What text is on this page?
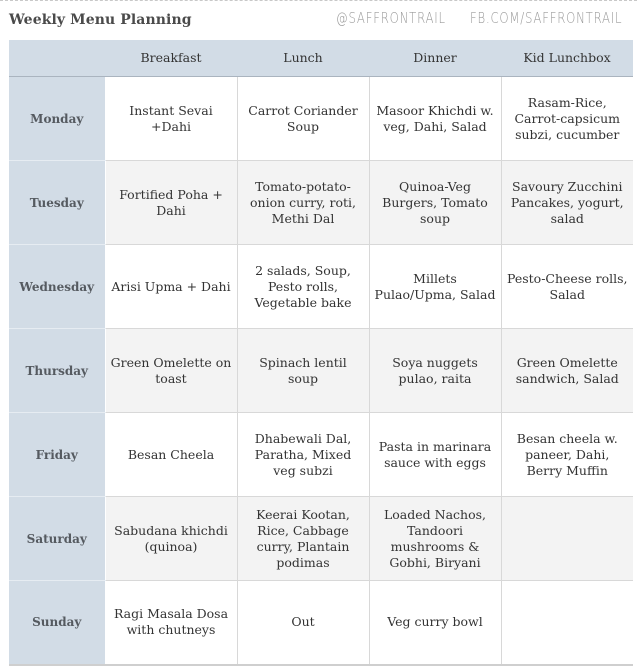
Weekly Menu Planning	@SAFFRONTRAIL FB.COM/SAFFRONTRAIL
	Breakfast	Lunch	Dinner	Kid Lunchbox
Monday	Instant Sevai +Dahi	Carrot Coriander Soup	Masoor Khichdi w. veg, Dahi, Salad	Rasam-Rice, Carrot-capsicum subzi, cucumber
Tuesday	Fortified Poha + Dahi	Tomato-potato-onion curry, roti, Methi Dal	Quinoa-Veg Burgers, Tomato soup	Savoury Zucchini Pancakes, yogurt, salad
Wednesday	Arisi Upma + Dahi	2 salads, Soup, Pesto rolls, Vegetable bake	Millets Pulao/Upma, Salad	Pesto-Cheese rolls, Salad
Thursday	Green Omelette on toast	Spinach lentil soup	Soya nuggets pulao, raita	Green Omelette sandwich, Salad
Friday	Besan Cheela	Dhabewali Dal, Paratha, Mixed veg subzi	Pasta in marinara sauce with eggs	Besan cheela w. paneer, Dahi, Berry Muffin
Saturday	Sabudana khichdi (quinoa)	Keerai Kootan, Rice, Cabbage curry, Plantain podimas	Loaded Nachos, Tandoori mushrooms & Gobhi, Biryani	
Sunday	Ragi Masala Dosa with chutneys	Out	Veg curry bowl	
